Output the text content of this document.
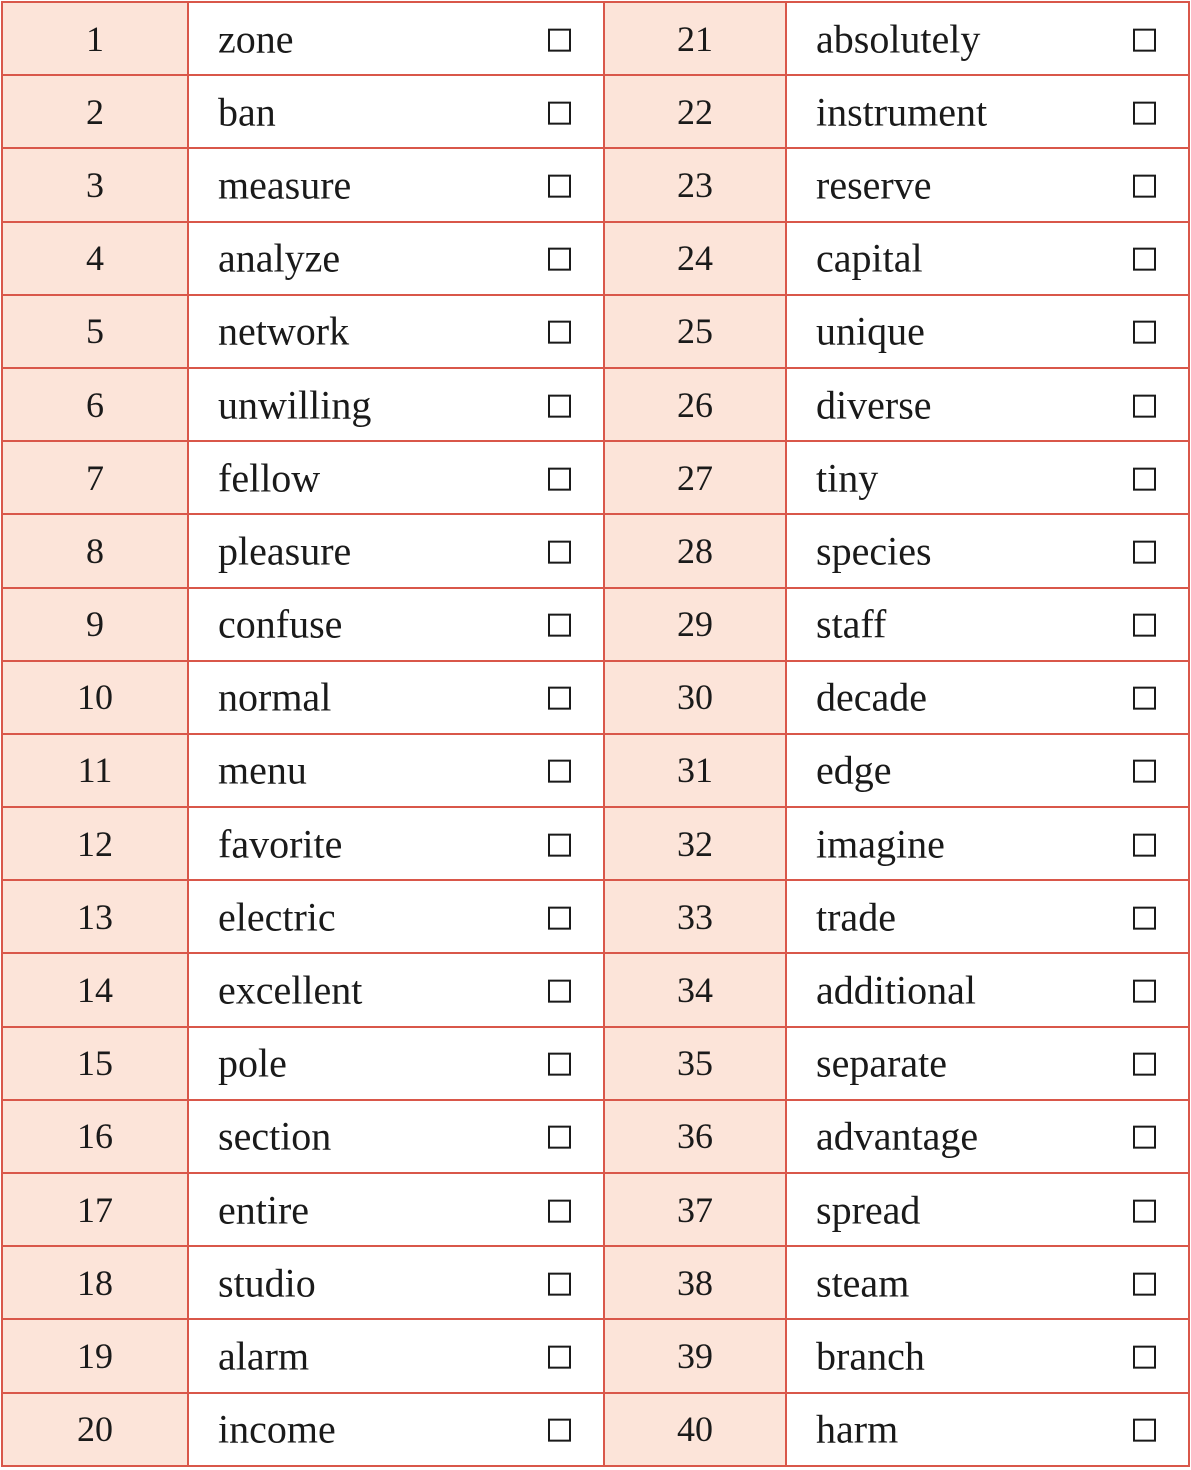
1	zone	21	absolutely

2	ban	22	instrument

3	measure	23	reserve

4	analyze	24	capital

5	network	25	unique

6	unwilling	26	diverse

7	fellow	27	tiny

8	pleasure	28	species

9	confuse	29	staff

10	normal	30	decade

11	menu	31	edge

12	favorite	32	imagine

13	electric	33	trade

14	excellent	34	additional

15	pole	35	separate

16	section	36	advantage

17	entire	37	spread

18	studio	38	steam

19	alarm	39	branch

20	income	40	harm
